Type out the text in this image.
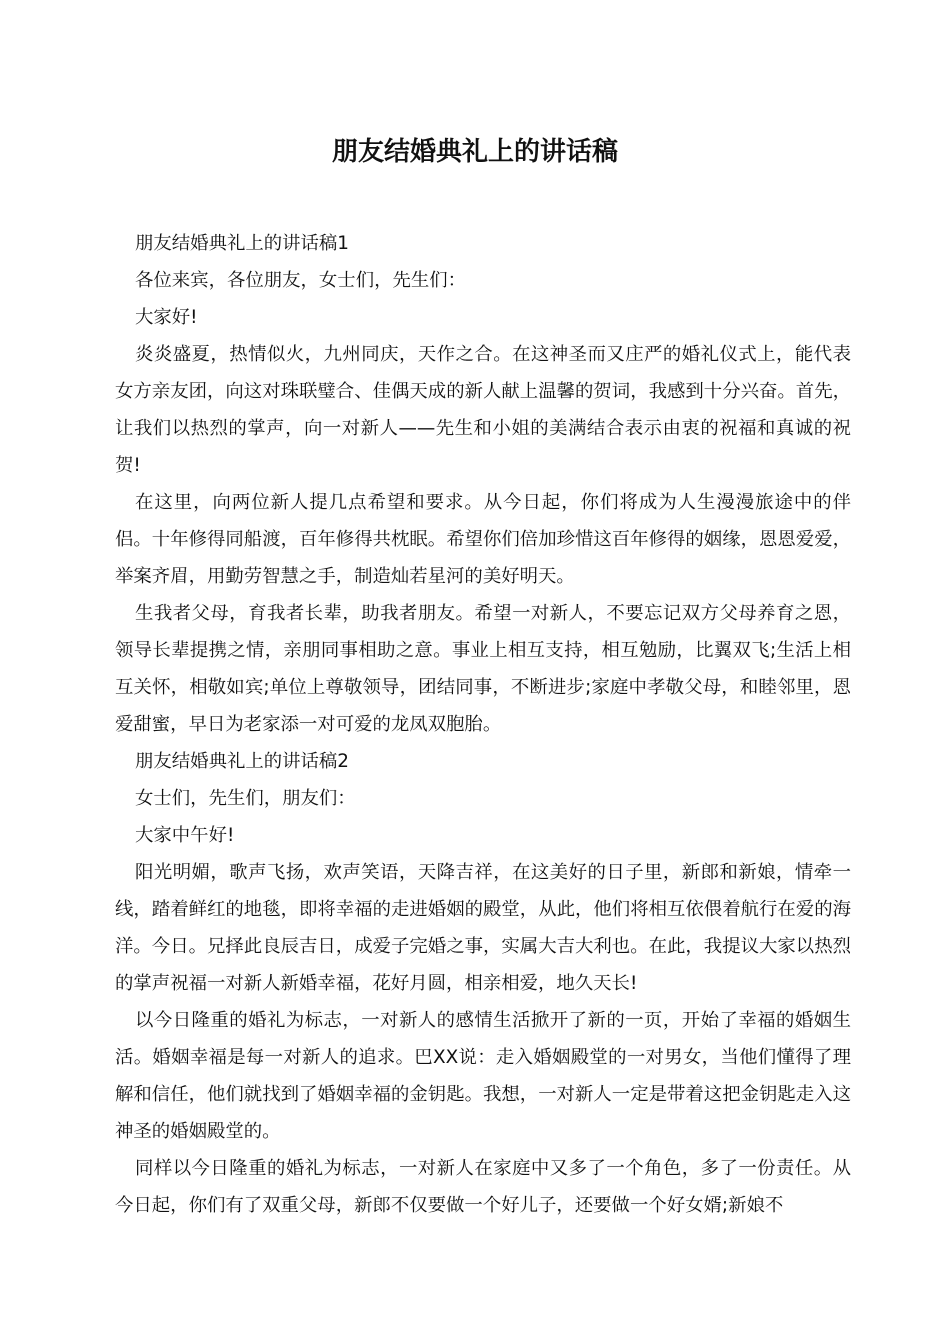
朋友结婚典礼上的讲话稿

朋友结婚典礼上的讲话稿1

各位来宾，各位朋友，女士们，先生们：

大家好!

炎炎盛夏，热情似火，九州同庆，天作之合。在这神圣而又庄严的婚礼仪式上，能代表女方亲友团，向这对珠联璧合、佳偶天成的新人献上温馨的贺词，我感到十分兴奋。首先，让我们以热烈的掌声，向一对新人——先生和小姐的美满结合表示由衷的祝福和真诚的祝贺!

在这里，向两位新人提几点希望和要求。从今日起，你们将成为人生漫漫旅途中的伴侣。十年修得同船渡，百年修得共枕眠。希望你们倍加珍惜这百年修得的姻缘，恩恩爱爱，举案齐眉，用勤劳智慧之手，制造灿若星河的美好明天。

生我者父母，育我者长辈，助我者朋友。希望一对新人，不要忘记双方父母养育之恩，领导长辈提携之情，亲朋同事相助之意。事业上相互支持，相互勉励，比翼双飞;生活上相互关怀，相敬如宾;单位上尊敬领导，团结同事，不断进步;家庭中孝敬父母，和睦邻里，恩爱甜蜜，早日为老家添一对可爱的龙凤双胞胎。

朋友结婚典礼上的讲话稿2

女士们，先生们，朋友们：

大家中午好!

阳光明媚，歌声飞扬，欢声笑语，天降吉祥，在这美好的日子里，新郎和新娘，情牵一线，踏着鲜红的地毯，即将幸福的走进婚姻的殿堂，从此，他们将相互依偎着航行在爱的海洋。今日。兄择此良辰吉日，成爱子完婚之事，实属大吉大利也。在此，我提议大家以热烈的掌声祝福一对新人新婚幸福，花好月圆，相亲相爱，地久天长!

以今日隆重的婚礼为标志，一对新人的感情生活掀开了新的一页，开始了幸福的婚姻生活。婚姻幸福是每一对新人的追求。巴XX说：走入婚姻殿堂的一对男女，当他们懂得了理解和信任，他们就找到了婚姻幸福的金钥匙。我想，一对新人一定是带着这把金钥匙走入这神圣的婚姻殿堂的。

同样以今日隆重的婚礼为标志，一对新人在家庭中又多了一个角色，多了一份责任。从今日起，你们有了双重父母，新郎不仅要做一个好儿子，还要做一个好女婿;新娘不
